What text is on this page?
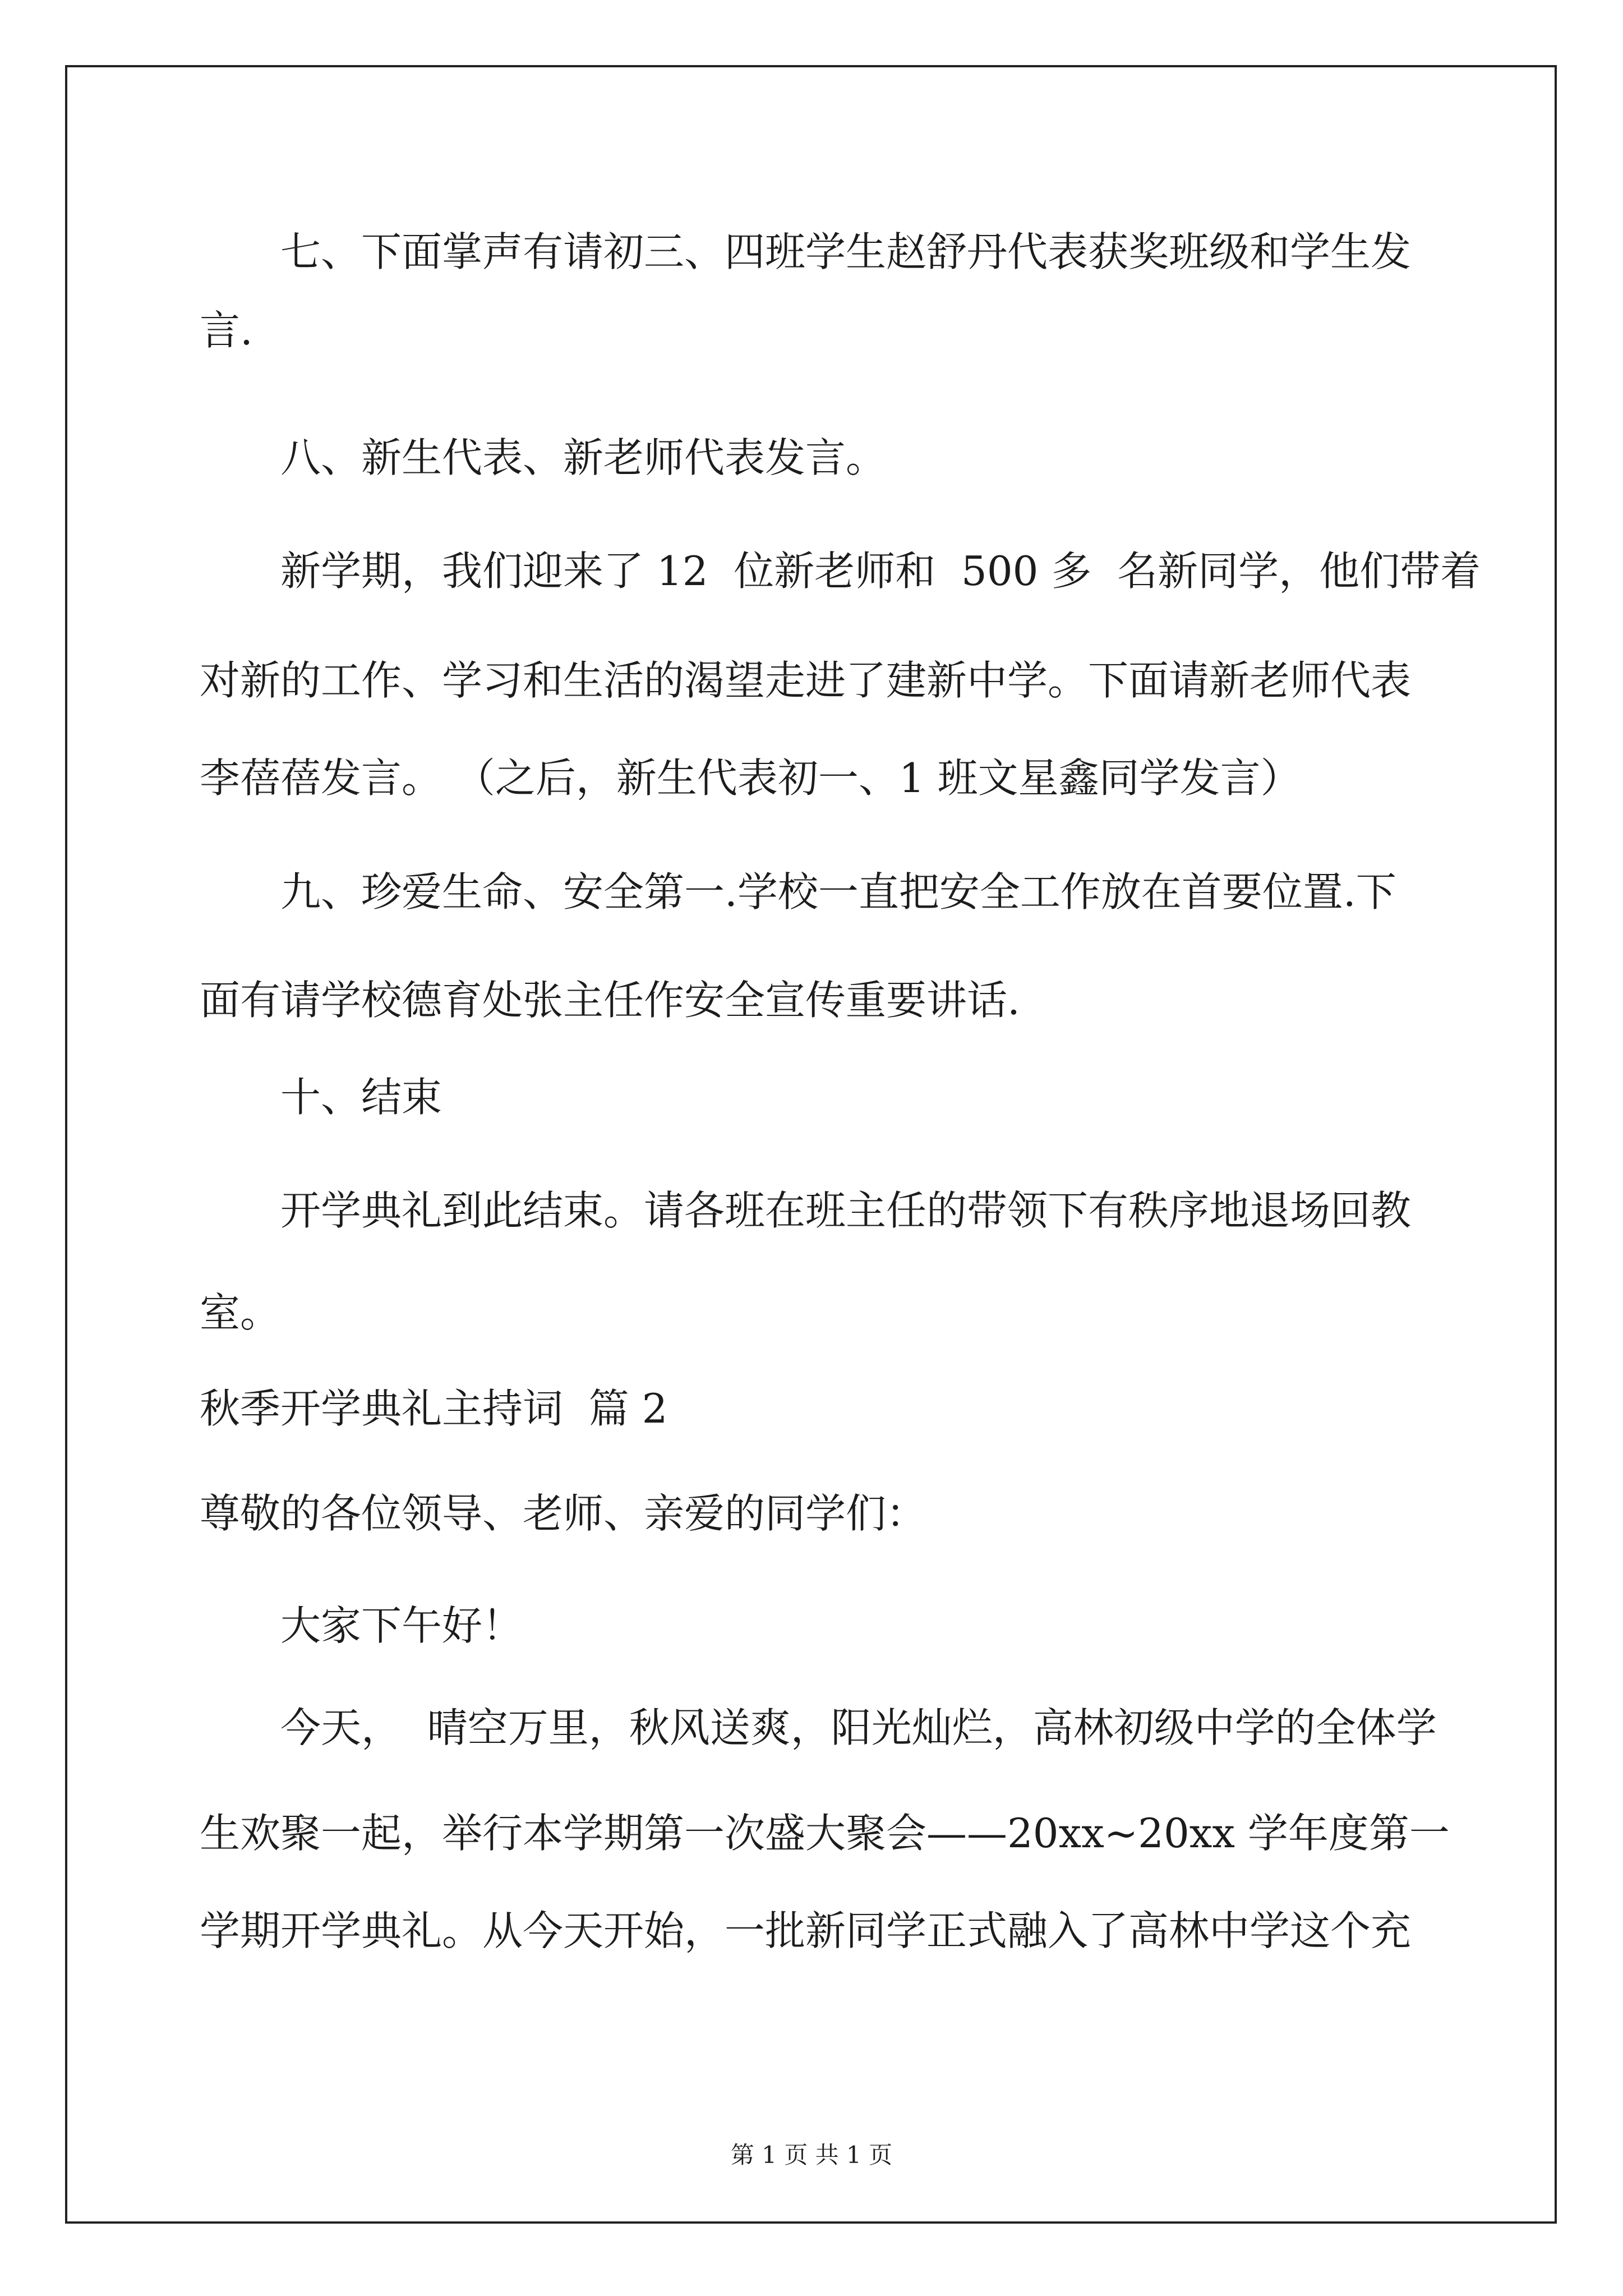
七、下面掌声有请初三、四班学生赵舒丹代表获奖班级和学生发
言.
八、新生代表、新老师代表发言。
新学期，我们迎来了 12  位新老师和  500 多  名新同学，他们带着
对新的工作、学习和生活的渴望走进了建新中学。下面请新老师代表
李蓓蓓发言。 （之后，新生代表初一、1 班文星鑫同学发言）
九、珍爱生命、安全第一.学校一直把安全工作放在首要位置.下
面有请学校德育处张主任作安全宣传重要讲话.
十、结束
开学典礼到此结束。请各班在班主任的带领下有秩序地退场回教
室。
秋季开学典礼主持词  篇 2
尊敬的各位领导、老师、亲爱的同学们：
大家下午好！
今天，  晴空万里，秋风送爽，阳光灿烂，高林初级中学的全体学
生欢聚一起，举行本学期第一次盛大聚会——20xx~20xx 学年度第一
学期开学典礼。从今天开始，一批新同学正式融入了高林中学这个充
第 1 页 共 1 页
